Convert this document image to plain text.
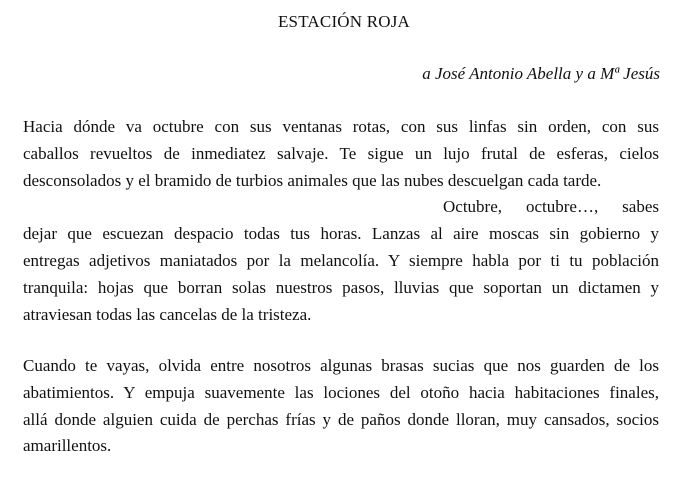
ESTACIÓN ROJA
a José Antonio Abella y a Mª Jesús
Hacia dónde va octubre con sus ventanas rotas, con sus linfas sin orden, con sus
caballos revueltos de inmediatez salvaje. Te sigue un lujo frutal de esferas, cielos
desconsolados y el bramido de turbios animales que las nubes descuelgan cada tarde.
Octubre, octubre…, sabes
dejar que escuezan despacio todas tus horas. Lanzas al aire moscas sin gobierno y
entregas adjetivos maniatados por la melancolía. Y siempre habla por ti tu población
tranquila: hojas que borran solas nuestros pasos, lluvias que soportan un dictamen y
atraviesan todas las cancelas de la tristeza.
Cuando te vayas, olvida entre nosotros algunas brasas sucias que nos guarden de los
abatimientos. Y empuja suavemente las lociones del otoño hacia habitaciones finales,
allá donde alguien cuida de perchas frías y de paños donde lloran, muy cansados, socios
amarillentos.
